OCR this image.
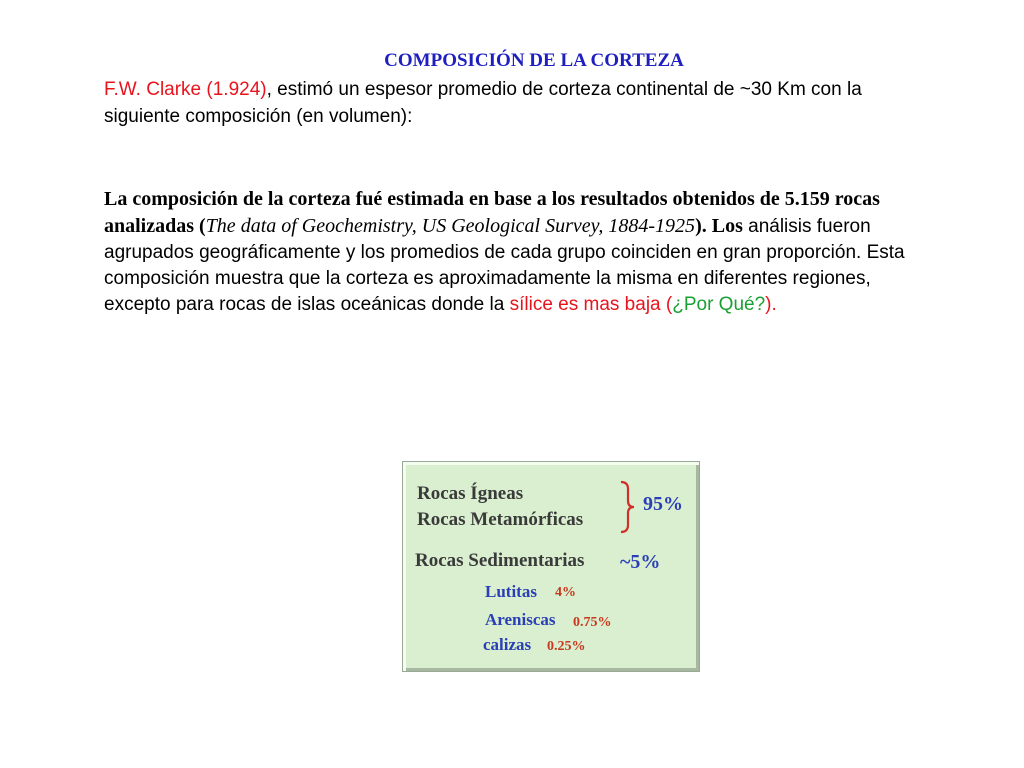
COMPOSICIÓN DE LA CORTEZA
F.W. Clarke (1.924), estimó un espesor promedio de corteza continental de ~30 Km con la siguiente composición (en volumen):
La composición de la corteza fué estimada en base a los resultados obtenidos de 5.159 rocas analizadas (The data of Geochemistry, US Geological Survey, 1884-1925). Los análisis fueron agrupados geográficamente y los promedios de cada grupo coinciden en gran proporción. Esta composición muestra que la corteza es aproximadamente la misma en diferentes regiones, excepto para rocas de islas oceánicas donde la sílice es mas baja (¿Por Qué?).
Rocas Ígneas
Rocas Metamórficas
95%
Rocas Sedimentarias ~5%
Lutitas 4%
Areniscas 0.75%
calizas 0.25%
